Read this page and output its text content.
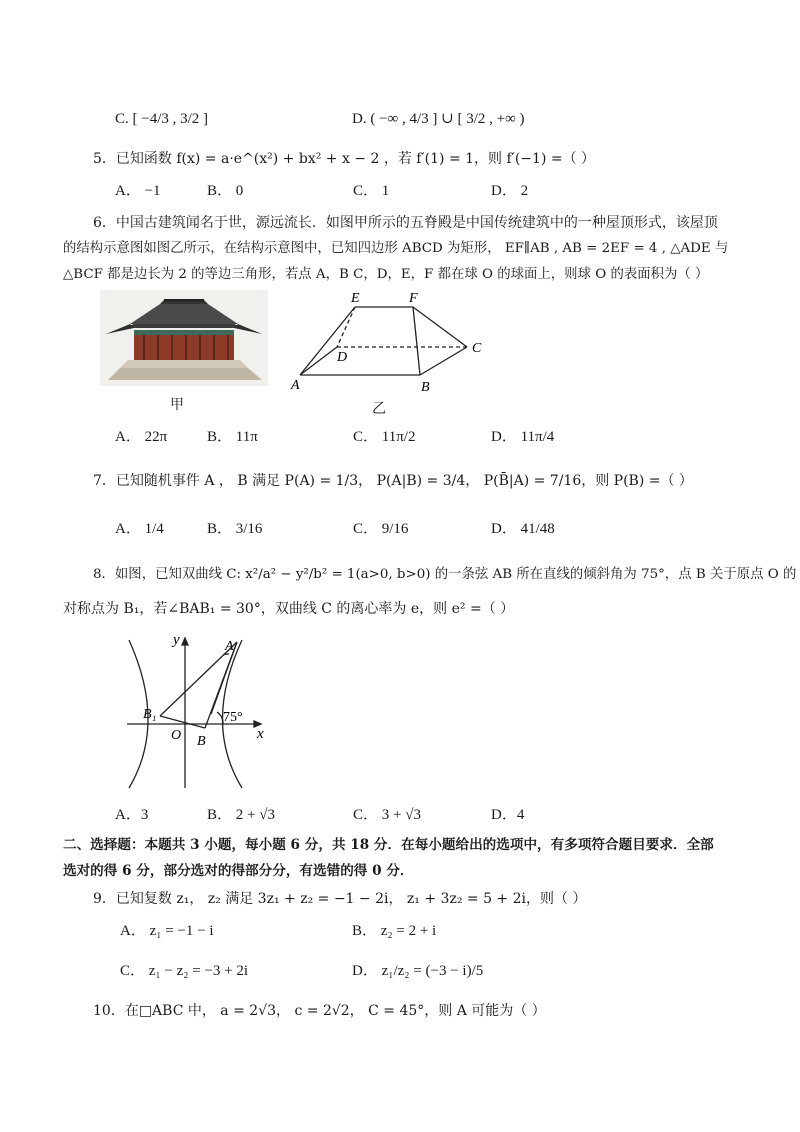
C. [ −4/3 , 3/2 ]	D. ( −∞ , 4/3 ] ∪ [ 3/2 , +∞ )
5．已知函数 f(x) = a·e^(x²) + bx² + x − 2 ，若 f′(1) = 1，则 f′(−1) =（ ）
A． −1	B． 0	C． 1	D． 2
6．中国古建筑闻名于世，源远流长．如图甲所示的五脊殿是中国传统建筑中的一种屋顶形式，该屋顶
的结构示意图如图乙所示，在结构示意图中，已知四边形 ABCD 为矩形， EF∥AB , AB = 2EF = 4 , △ADE 与
△BCF 都是边长为 2 的等边三角形，若点 A，B C，D，E，F 都在球 O 的球面上，则球 O 的表面积为（ ）
甲
E	F
D
C
A	B
乙
A． 22π	B． 11π	C． 11π/2	D． 11π/4
7．已知随机事件 A ， B 满足 P(A) = 1/3， P(A|B) = 3/4， P(B̄|A) = 7/16，则 P(B) =（ ）
A． 1/4	B． 3/16	C． 9/16	D． 41/48
8．如图，已知双曲线 C: x²/a² − y²/b² = 1(a>0, b>0) 的一条弦 AB 所在直线的倾斜角为 75°，点 B 关于原点 O 的
对称点为 B₁，若∠BAB₁ = 30°，双曲线 C 的离心率为 e，则 e² =（ ）
y
x
A
B
B₁
O
75°
A．3	B． 2 + √3	C． 3 + √3	D．4
二、选择题：本题共 3 小题，每小题 6 分，共 18 分．在每小题给出的选项中，有多项符合题目要求．全部
选对的得 6 分，部分选对的得部分分，有选错的得 0 分．
9．已知复数 z₁， z₂ 满足 3z₁ + z₂ = −1 − 2i， z₁ + 3z₂ = 5 + 2i，则（ ）
A． z₁ = −1 − i	B． z₂ = 2 + i
C． z₁ − z₂ = −3 + 2i	D． z₁/z₂ = (−3 − i)/5
10．在□ABC 中， a = 2√3， c = 2√2， C = 45°，则 A 可能为（ ）
